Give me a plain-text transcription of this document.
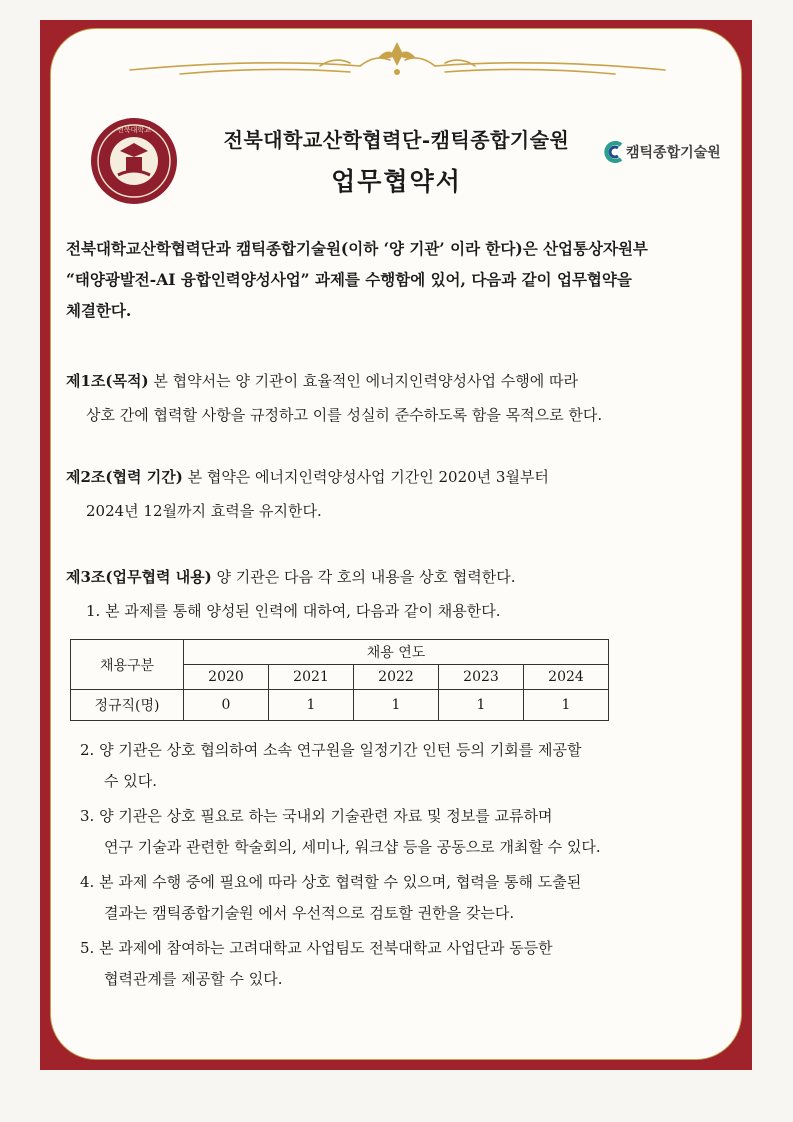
전북대학교	전북대학교산학협력단-캠틱종합기술원
업무협약서
캠틱종합기술원
전북대학교산학협력단과 캠틱종합기술원(이하 ‘양 기관’ 이라 한다)은 산업통상자원부
“태양광발전-AI 융합인력양성사업” 과제를 수행함에 있어, 다음과 같이 업무협약을
체결한다.
제1조(목적) 본 협약서는 양 기관이 효율적인 에너지인력양성사업 수행에 따라
상호 간에 협력할 사항을 규정하고 이를 성실히 준수하도록 함을 목적으로 한다.
제2조(협력 기간) 본 협약은 에너지인력양성사업 기간인 2020년 3월부터
2024년 12월까지 효력을 유지한다.
제3조(업무협력 내용) 양 기관은 다음 각 호의 내용을 상호 협력한다.
1. 본 과제를 통해 양성된 인력에 대하여, 다음과 같이 채용한다.
채용구분	채용 연도				
	2020	2021	2022	2023	2024
정규직(명)	0	1	1	1	1
2. 양 기관은 상호 협의하여 소속 연구원을 일정기간 인턴 등의 기회를 제공할
수 있다.
3. 양 기관은 상호 필요로 하는 국내외 기술관련 자료 및 정보를 교류하며
연구 기술과 관련한 학술회의, 세미나, 워크샵 등을 공동으로 개최할 수 있다.
4. 본 과제 수행 중에 필요에 따라 상호 협력할 수 있으며, 협력을 통해 도출된
결과는 캠틱종합기술원 에서 우선적으로 검토할 권한을 갖는다.
5. 본 과제에 참여하는 고려대학교 사업팀도 전북대학교 사업단과 동등한
협력관계를 제공할 수 있다.
